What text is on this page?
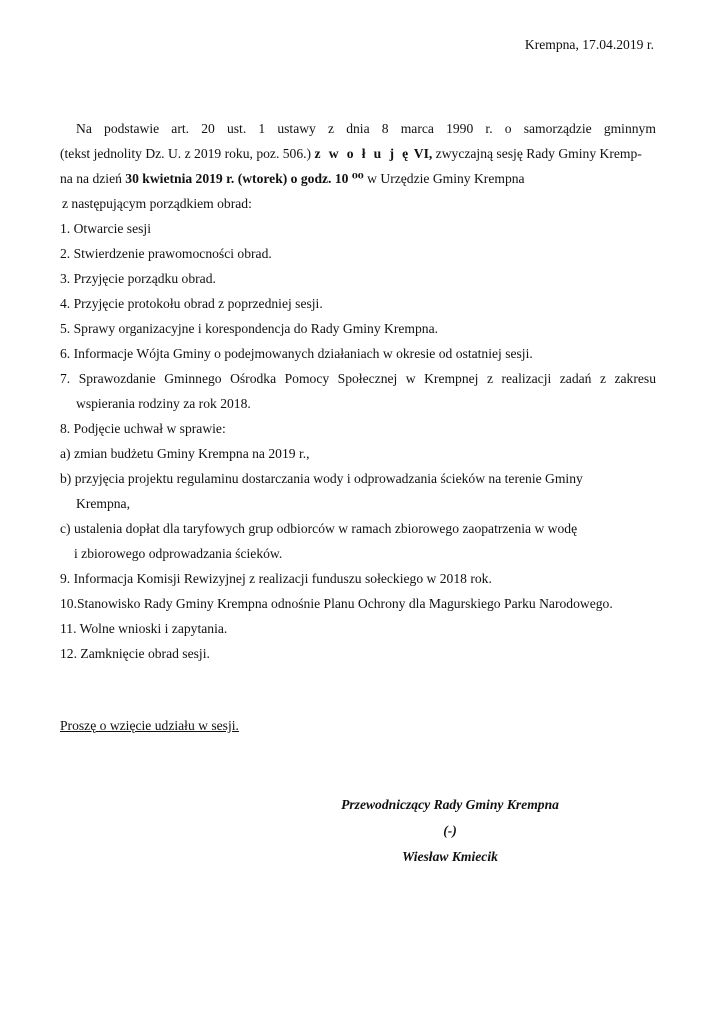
Krempna, 17.04.2019 r.
Na podstawie art. 20 ust. 1 ustawy z dnia 8 marca 1990 r. o samorządzie gminnym
(tekst jednolity Dz. U. z 2019 roku, poz. 506.) z w o ł u j ę VI, zwyczajną sesję Rady Gminy Kremp-
na na dzień 30 kwietnia 2019 r. (wtorek) o godz. 10 ⁰⁰ w Urzędzie Gminy Krempna
z następującym porządkiem obrad:
1. Otwarcie sesji
2. Stwierdzenie prawomocności obrad.
3. Przyjęcie porządku obrad.
4. Przyjęcie protokołu obrad z poprzedniej sesji.
5. Sprawy organizacyjne i korespondencja do Rady Gminy Krempna.
6. Informacje Wójta Gminy o podejmowanych działaniach w okresie od ostatniej sesji.
7. Sprawozdanie Gminnego Ośrodka Pomocy Społecznej w Krempnej z realizacji zadań z zakresu
wspierania rodziny za rok 2018.
8. Podjęcie uchwał w sprawie:
a) zmian budżetu Gminy Krempna na 2019 r.,
b) przyjęcia projektu regulaminu dostarczania wody i odprowadzania ścieków na terenie Gminy
Krempna,
c) ustalenia dopłat dla taryfowych grup odbiorców w ramach zbiorowego zaopatrzenia w wodę
i zbiorowego odprowadzania ścieków.
9. Informacja Komisji Rewizyjnej z realizacji funduszu sołeckiego w 2018 rok.
10.Stanowisko Rady Gminy Krempna odnośnie Planu Ochrony dla Magurskiego Parku Narodowego.
11. Wolne wnioski i zapytania.
12. Zamknięcie obrad sesji.
Proszę o wzięcie udziału w sesji.
Przewodniczący Rady Gminy Krempna
(-)
Wiesław Kmiecik
